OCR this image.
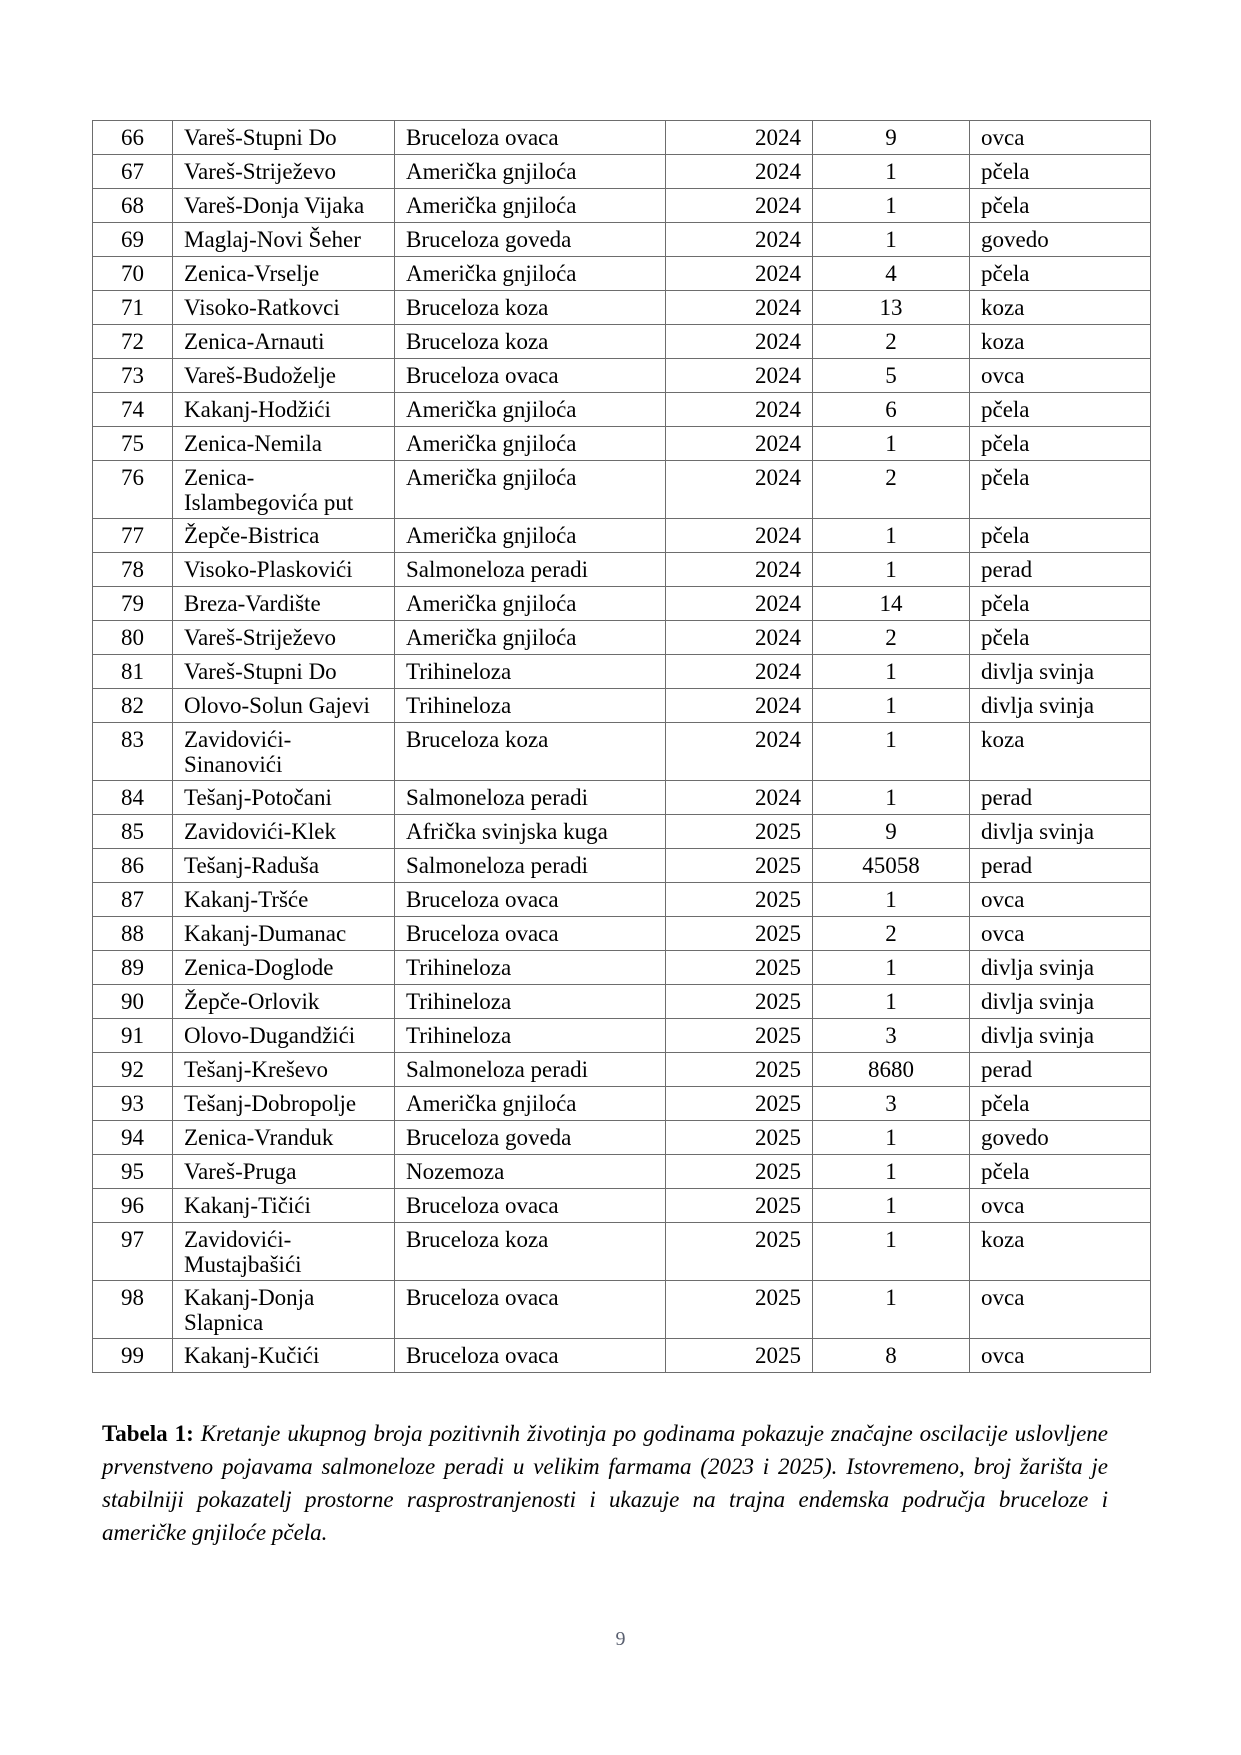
66	Vareš-Stupni Do	Bruceloza ovaca	2024	9	ovca
67	Vareš-Striježevo	Američka gnjiloća	2024	1	pčela
68	Vareš-Donja Vijaka	Američka gnjiloća	2024	1	pčela
69	Maglaj-Novi Šeher	Bruceloza goveda	2024	1	govedo
70	Zenica-Vrselje	Američka gnjiloća	2024	4	pčela
71	Visoko-Ratkovci	Bruceloza koza	2024	13	koza
72	Zenica-Arnauti	Bruceloza koza	2024	2	koza
73	Vareš-Budoželje	Bruceloza ovaca	2024	5	ovca
74	Kakanj-Hodžići	Američka gnjiloća	2024	6	pčela
75	Zenica-Nemila	Američka gnjiloća	2024	1	pčela
76	Zenica-
Islambegovića put	Američka gnjiloća	2024	2	pčela
77	Žepče-Bistrica	Američka gnjiloća	2024	1	pčela
78	Visoko-Plaskovići	Salmoneloza peradi	2024	1	perad
79	Breza-Vardište	Američka gnjiloća	2024	14	pčela
80	Vareš-Striježevo	Američka gnjiloća	2024	2	pčela
81	Vareš-Stupni Do	Trihineloza	2024	1	divlja svinja
82	Olovo-Solun Gajevi	Trihineloza	2024	1	divlja svinja
83	Zavidovići-
Sinanovići	Bruceloza koza	2024	1	koza
84	Tešanj-Potočani	Salmoneloza peradi	2024	1	perad
85	Zavidovići-Klek	Afrička svinjska kuga	2025	9	divlja svinja
86	Tešanj-Raduša	Salmoneloza peradi	2025	45058	perad
87	Kakanj-Tršće	Bruceloza ovaca	2025	1	ovca
88	Kakanj-Dumanac	Bruceloza ovaca	2025	2	ovca
89	Zenica-Doglode	Trihineloza	2025	1	divlja svinja
90	Žepče-Orlovik	Trihineloza	2025	1	divlja svinja
91	Olovo-Dugandžići	Trihineloza	2025	3	divlja svinja
92	Tešanj-Kreševo	Salmoneloza peradi	2025	8680	perad
93	Tešanj-Dobropolje	Američka gnjiloća	2025	3	pčela
94	Zenica-Vranduk	Bruceloza goveda	2025	1	govedo
95	Vareš-Pruga	Nozemoza	2025	1	pčela
96	Kakanj-Tičići	Bruceloza ovaca	2025	1	ovca
97	Zavidovići-
Mustajbašići	Bruceloza koza	2025	1	koza
98	Kakanj-Donja
Slapnica	Bruceloza ovaca	2025	1	ovca
99	Kakanj-Kučići	Bruceloza ovaca	2025	8	ovca

Tabela 1: Kretanje ukupnog broja pozitivnih životinja po godinama pokazuje značajne oscilacije uslovljene prvenstveno pojavama salmoneloze peradi u velikim farmama (2023 i 2025). Istovremeno, broj žarišta je stabilniji pokazatelj prostorne rasprostranjenosti i ukazuje na trajna endemska područja bruceloze i američke gnjiloće pčela.

9
